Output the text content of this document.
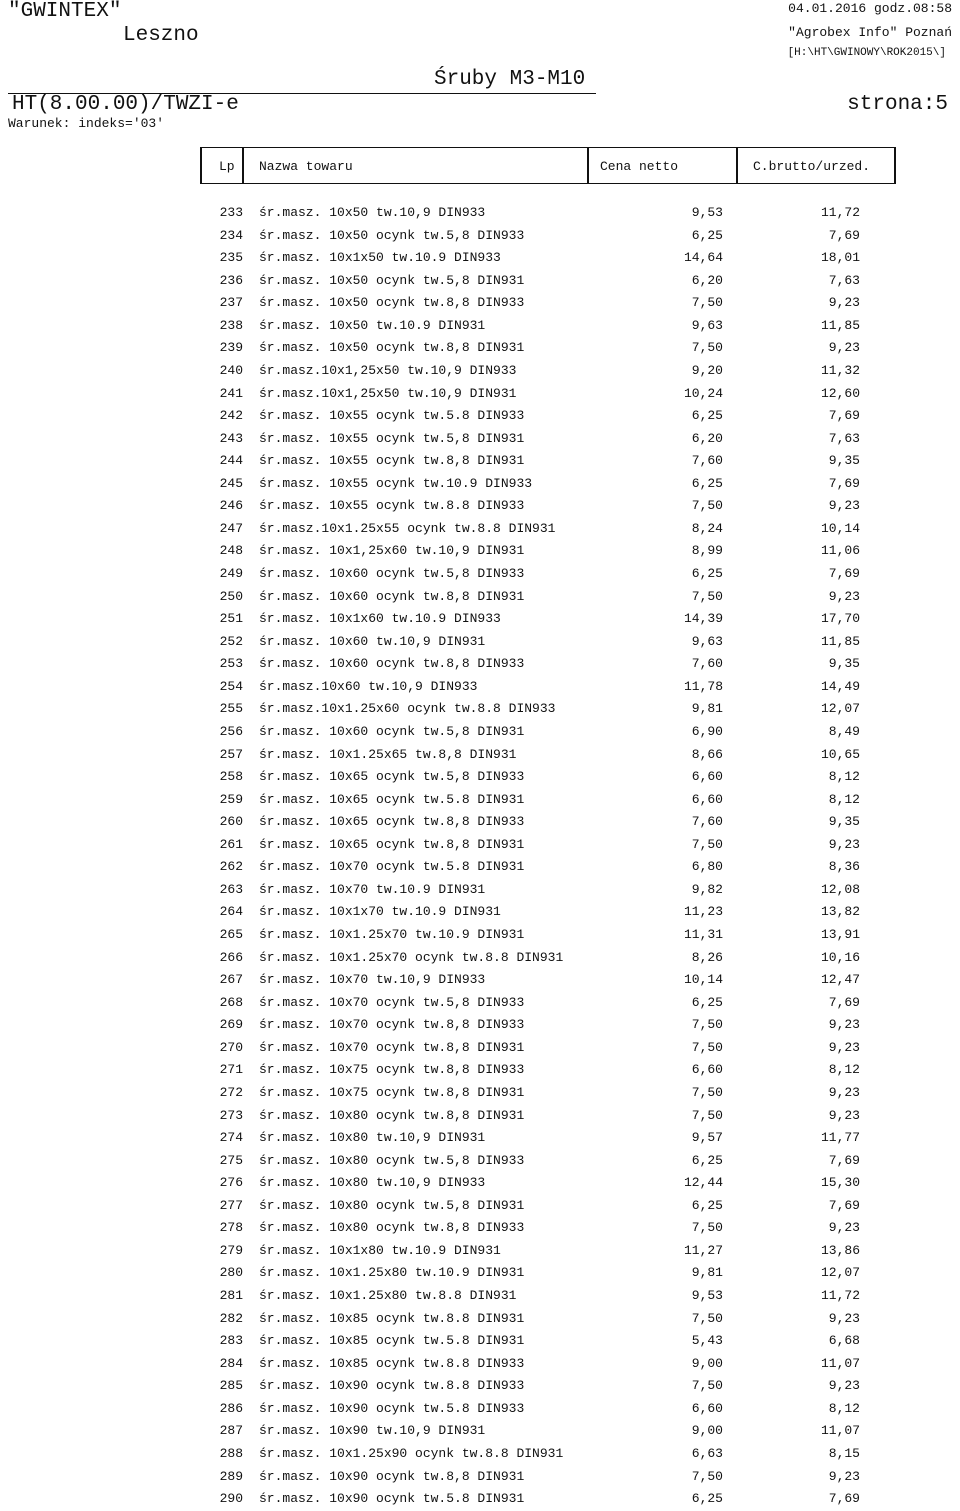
"GWINTEX"
Leszno
04.01.2016 godz.08:58
"Agrobex Info" Poznań
[H:\HT\GWINOWY\ROK2015\]
Śruby M3-M10
HT(8.00.00)/TWZI-e	strona:5
Warunek: indeks='03'
Lp Nazwa towaru	Cena netto	C.brutto/urzed.
233 śr.masz. 10x50 tw.10,9 DIN933	9,53	11,72
234 śr.masz. 10x50 ocynk tw.5,8 DIN933	6,25	7,69
235 śr.masz. 10x1x50 tw.10.9 DIN933	14,64	18,01
236 śr.masz. 10x50 ocynk tw.5,8 DIN931	6,20	7,63
237 śr.masz. 10x50 ocynk tw.8,8 DIN933	7,50	9,23
238 śr.masz. 10x50 tw.10.9 DIN931	9,63	11,85
239 śr.masz. 10x50 ocynk tw.8,8 DIN931	7,50	9,23
240 śr.masz.10x1,25x50 tw.10,9 DIN933	9,20	11,32
241 śr.masz.10x1,25x50 tw.10,9 DIN931	10,24	12,60
242 śr.masz. 10x55 ocynk tw.5.8 DIN933	6,25	7,69
243 śr.masz. 10x55 ocynk tw.5,8 DIN931	6,20	7,63
244 śr.masz. 10x55 ocynk tw.8,8 DIN931	7,60	9,35
245 śr.masz. 10x55 ocynk tw.10.9 DIN933	6,25	7,69
246 śr.masz. 10x55 ocynk tw.8.8 DIN933	7,50	9,23
247 śr.masz.10x1.25x55 ocynk tw.8.8 DIN931	8,24	10,14
248 śr.masz. 10x1,25x60 tw.10,9 DIN931	8,99	11,06
249 śr.masz. 10x60 ocynk tw.5,8 DIN933	6,25	7,69
250 śr.masz. 10x60 ocynk tw.8,8 DIN931	7,50	9,23
251 śr.masz. 10x1x60 tw.10.9 DIN933	14,39	17,70
252 śr.masz. 10x60 tw.10,9 DIN931	9,63	11,85
253 śr.masz. 10x60 ocynk tw.8,8 DIN933	7,60	9,35
254 śr.masz.10x60 tw.10,9 DIN933	11,78	14,49
255 śr.masz.10x1.25x60 ocynk tw.8.8 DIN933	9,81	12,07
256 śr.masz. 10x60 ocynk tw.5,8 DIN931	6,90	8,49
257 śr.masz. 10x1.25x65 tw.8,8 DIN931	8,66	10,65
258 śr.masz. 10x65 ocynk tw.5,8 DIN933	6,60	8,12
259 śr.masz. 10x65 ocynk tw.5.8 DIN931	6,60	8,12
260 śr.masz. 10x65 ocynk tw.8,8 DIN933	7,60	9,35
261 śr.masz. 10x65 ocynk tw.8,8 DIN931	7,50	9,23
262 śr.masz. 10x70 ocynk tw.5.8 DIN931	6,80	8,36
263 śr.masz. 10x70 tw.10.9 DIN931	9,82	12,08
264 śr.masz. 10x1x70 tw.10.9 DIN931	11,23	13,82
265 śr.masz. 10x1.25x70 tw.10.9 DIN931	11,31	13,91
266 śr.masz. 10x1.25x70 ocynk tw.8.8 DIN931	8,26	10,16
267 śr.masz. 10x70 tw.10,9 DIN933	10,14	12,47
268 śr.masz. 10x70 ocynk tw.5,8 DIN933	6,25	7,69
269 śr.masz. 10x70 ocynk tw.8,8 DIN933	7,50	9,23
270 śr.masz. 10x70 ocynk tw.8,8 DIN931	7,50	9,23
271 śr.masz. 10x75 ocynk tw.8,8 DIN933	6,60	8,12
272 śr.masz. 10x75 ocynk tw.8,8 DIN931	7,50	9,23
273 śr.masz. 10x80 ocynk tw.8,8 DIN931	7,50	9,23
274 śr.masz. 10x80 tw.10,9 DIN931	9,57	11,77
275 śr.masz. 10x80 ocynk tw.5,8 DIN933	6,25	7,69
276 śr.masz. 10x80 tw.10,9 DIN933	12,44	15,30
277 śr.masz. 10x80 ocynk tw.5,8 DIN931	6,25	7,69
278 śr.masz. 10x80 ocynk tw.8,8 DIN933	7,50	9,23
279 śr.masz. 10x1x80 tw.10.9 DIN931	11,27	13,86
280 śr.masz. 10x1.25x80 tw.10.9 DIN931	9,81	12,07
281 śr.masz. 10x1.25x80 tw.8.8 DIN931	9,53	11,72
282 śr.masz. 10x85 ocynk tw.8.8 DIN931	7,50	9,23
283 śr.masz. 10x85 ocynk tw.5.8 DIN931	5,43	6,68
284 śr.masz. 10x85 ocynk tw.8.8 DIN933	9,00	11,07
285 śr.masz. 10x90 ocynk tw.8.8 DIN933	7,50	9,23
286 śr.masz. 10x90 ocynk tw.5.8 DIN933	6,60	8,12
287 śr.masz. 10x90 tw.10,9 DIN931	9,00	11,07
288 śr.masz. 10x1.25x90 ocynk tw.8.8 DIN931	6,63	8,15
289 śr.masz. 10x90 ocynk tw.8,8 DIN931	7,50	9,23
290 śr.masz. 10x90 ocynk tw.5.8 DIN931	6,25	7,69
